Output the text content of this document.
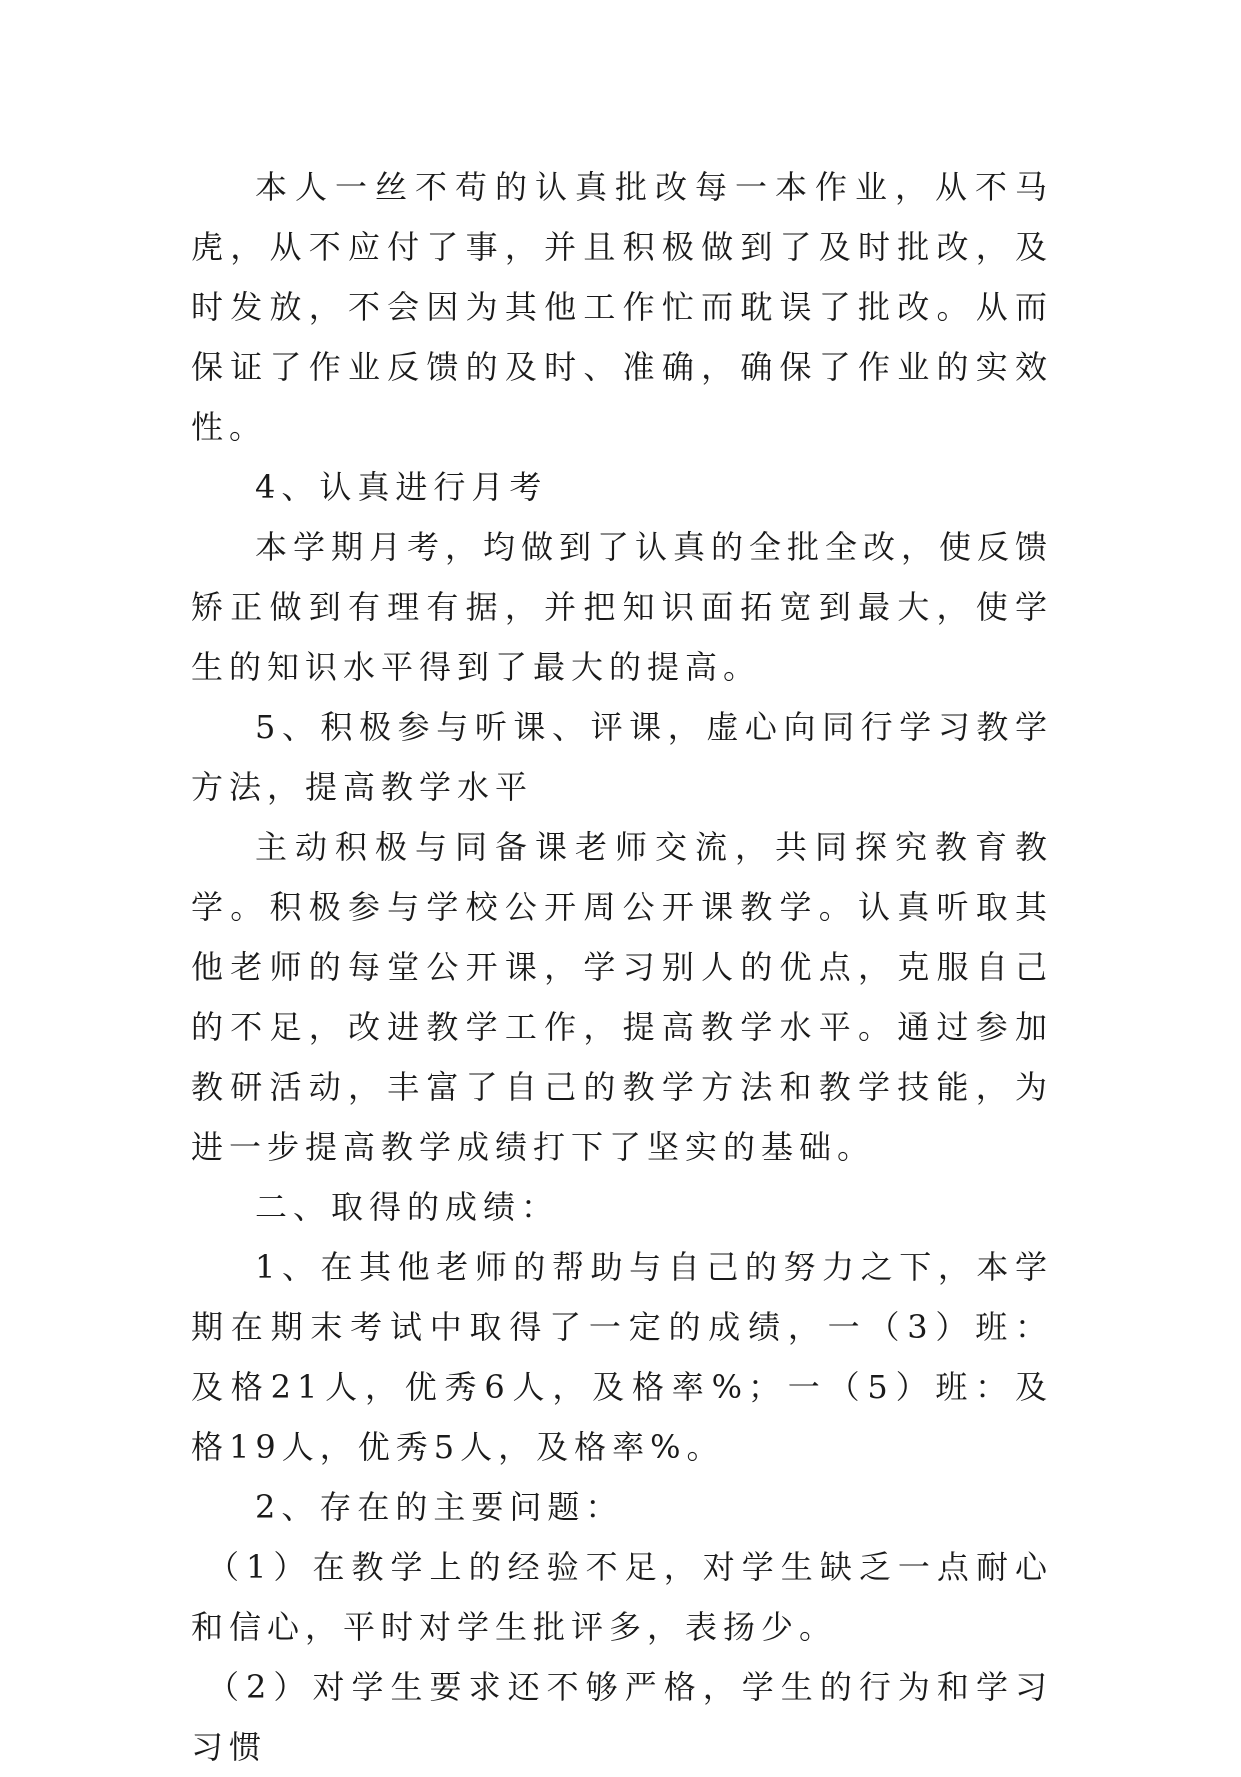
本人一丝不苟的认真批改每一本作业，从不马虎，从不应付了事，并且积极做到了及时批改，及时发放，不会因为其他工作忙而耽误了批改。从而保证了作业反馈的及时、准确，确保了作业的实效性。

4、认真进行月考

本学期月考，均做到了认真的全批全改，使反馈矫正做到有理有据，并把知识面拓宽到最大，使学生的知识水平得到了最大的提高。

5、积极参与听课、评课，虚心向同行学习教学方法，提高教学水平

主动积极与同备课老师交流，共同探究教育教学。积极参与学校公开周公开课教学。认真听取其他老师的每堂公开课，学习别人的优点，克服自己的不足，改进教学工作，提高教学水平。通过参加教研活动，丰富了自己的教学方法和教学技能，为进一步提高教学成绩打下了坚实的基础。

二、取得的成绩：

1、在其他老师的帮助与自己的努力之下，本学期在期末考试中取得了一定的成绩，一（3）班：及格21人，优秀6人，及格率%；一（5）班：及格19人，优秀5人，及格率%。

2、存在的主要问题：

（1）在教学上的经验不足，对学生缺乏一点耐心和信心，平时对学生批评多，表扬少。

（2）对学生要求还不够严格，学生的行为和学习习惯
